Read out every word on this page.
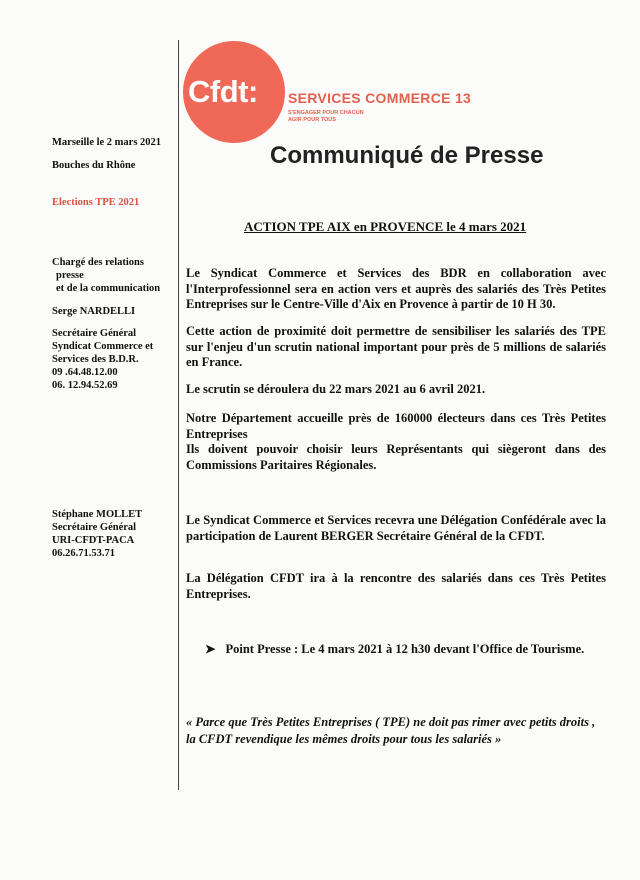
Cfdt: SERVICES COMMERCE 13
S'ENGAGER POUR CHACUN
AGIR POUR TOUS
Communiqué de Presse
Marseille le 2 mars 2021
Bouches du Rhône
Elections TPE 2021
Chargé des relations
presse
et de la communication
Serge NARDELLI
Secrétaire Général
Syndicat Commerce et
Services des B.D.R.
09 .64.48.12.00
06. 12.94.52.69
Stéphane MOLLET
Secrétaire Général
URI-CFDT-PACA
06.26.71.53.71
ACTION TPE AIX en PROVENCE le 4 mars 2021
Le Syndicat Commerce et Services des BDR en collaboration avec l'Interprofessionnel sera en action vers et auprès des salariés des Très Petites Entreprises sur le Centre-Ville d'Aix en Provence à partir de 10 H 30.
Cette action de proximité doit permettre de sensibiliser les salariés des TPE sur l'enjeu d'un scrutin national important pour près de 5 millions de salariés en France.
Le scrutin se déroulera du 22 mars 2021 au 6 avril 2021.
Notre Département accueille près de 160000 électeurs dans ces Très Petites Entreprises
Ils doivent pouvoir choisir leurs Représentants qui siègeront dans des Commissions Paritaires Régionales.
Le Syndicat Commerce et Services recevra une Délégation Confédérale avec la participation de Laurent BERGER Secrétaire Général de la CFDT.
La Délégation CFDT ira à la rencontre des salariés dans ces Très Petites Entreprises.
➤ Point Presse : Le 4 mars 2021 à 12 h30 devant l'Office de Tourisme.
« Parce que Très Petites Entreprises ( TPE) ne doit pas rimer avec petits droits ,
la CFDT revendique les mêmes droits pour tous les salariés »
